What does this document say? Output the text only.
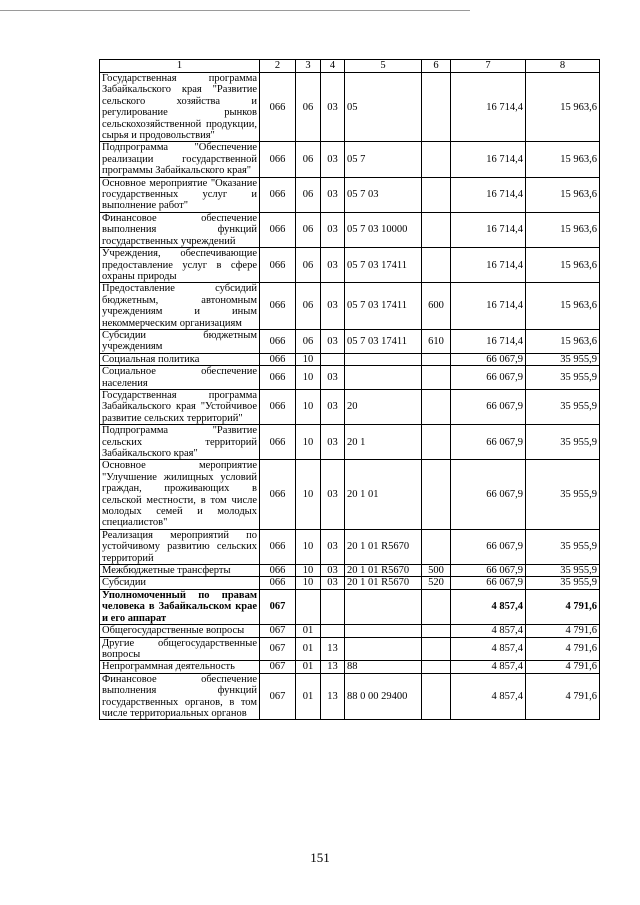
1	2	3	4	5	6	7	8
Государственная программа Забайкальского края "Развитие сельского хозяйства и регулирование рынков сельскохозяйственной продукции, сырья и продовольствия"	066	06	03	05		16 714,4	15 963,6
Подпрограмма "Обеспечение реализации государственной программы Забайкальского края"	066	06	03	05 7		16 714,4	15 963,6
Основное мероприятие "Оказание государственных услуг и выполнение работ"	066	06	03	05 7 03		16 714,4	15 963,6
Финансовое обеспечение выполнения функций государственных учреждений	066	06	03	05 7 03 10000		16 714,4	15 963,6
Учреждения, обеспечивающие предоставление услуг в сфере охраны природы	066	06	03	05 7 03 17411		16 714,4	15 963,6
Предоставление субсидий бюджетным, автономным учреждениям и иным некоммерческим организациям	066	06	03	05 7 03 17411	600	16 714,4	15 963,6
Субсидии бюджетным учреждениям	066	06	03	05 7 03 17411	610	16 714,4	15 963,6
Социальная политика	066	10				66 067,9	35 955,9
Социальное обеспечение населения	066	10	03			66 067,9	35 955,9
Государственная программа Забайкальского края "Устойчивое развитие сельских территорий"	066	10	03	20		66 067,9	35 955,9
Подпрограмма "Развитие сельских территорий Забайкальского края"	066	10	03	20 1		66 067,9	35 955,9
Основное мероприятие "Улучшение жилищных условий граждан, проживающих в сельской местности, в том числе молодых семей и молодых специалистов"	066	10	03	20 1 01		66 067,9	35 955,9
Реализация мероприятий по устойчивому развитию сельских территорий	066	10	03	20 1 01 R5670		66 067,9	35 955,9
Межбюджетные трансферты	066	10	03	20 1 01 R5670	500	66 067,9	35 955,9
Субсидии	066	10	03	20 1 01 R5670	520	66 067,9	35 955,9
Уполномоченный по правам человека в Забайкальском крае и его аппарат	067					4 857,4	4 791,6
Общегосударственные вопросы	067	01				4 857,4	4 791,6
Другие общегосударственные вопросы	067	01	13			4 857,4	4 791,6
Непрограммная деятельность	067	01	13	88		4 857,4	4 791,6
Финансовое обеспечение выполнения функций государственных органов, в том числе территориальных органов	067	01	13	88 0 00 29400		4 857,4	4 791,6
151
